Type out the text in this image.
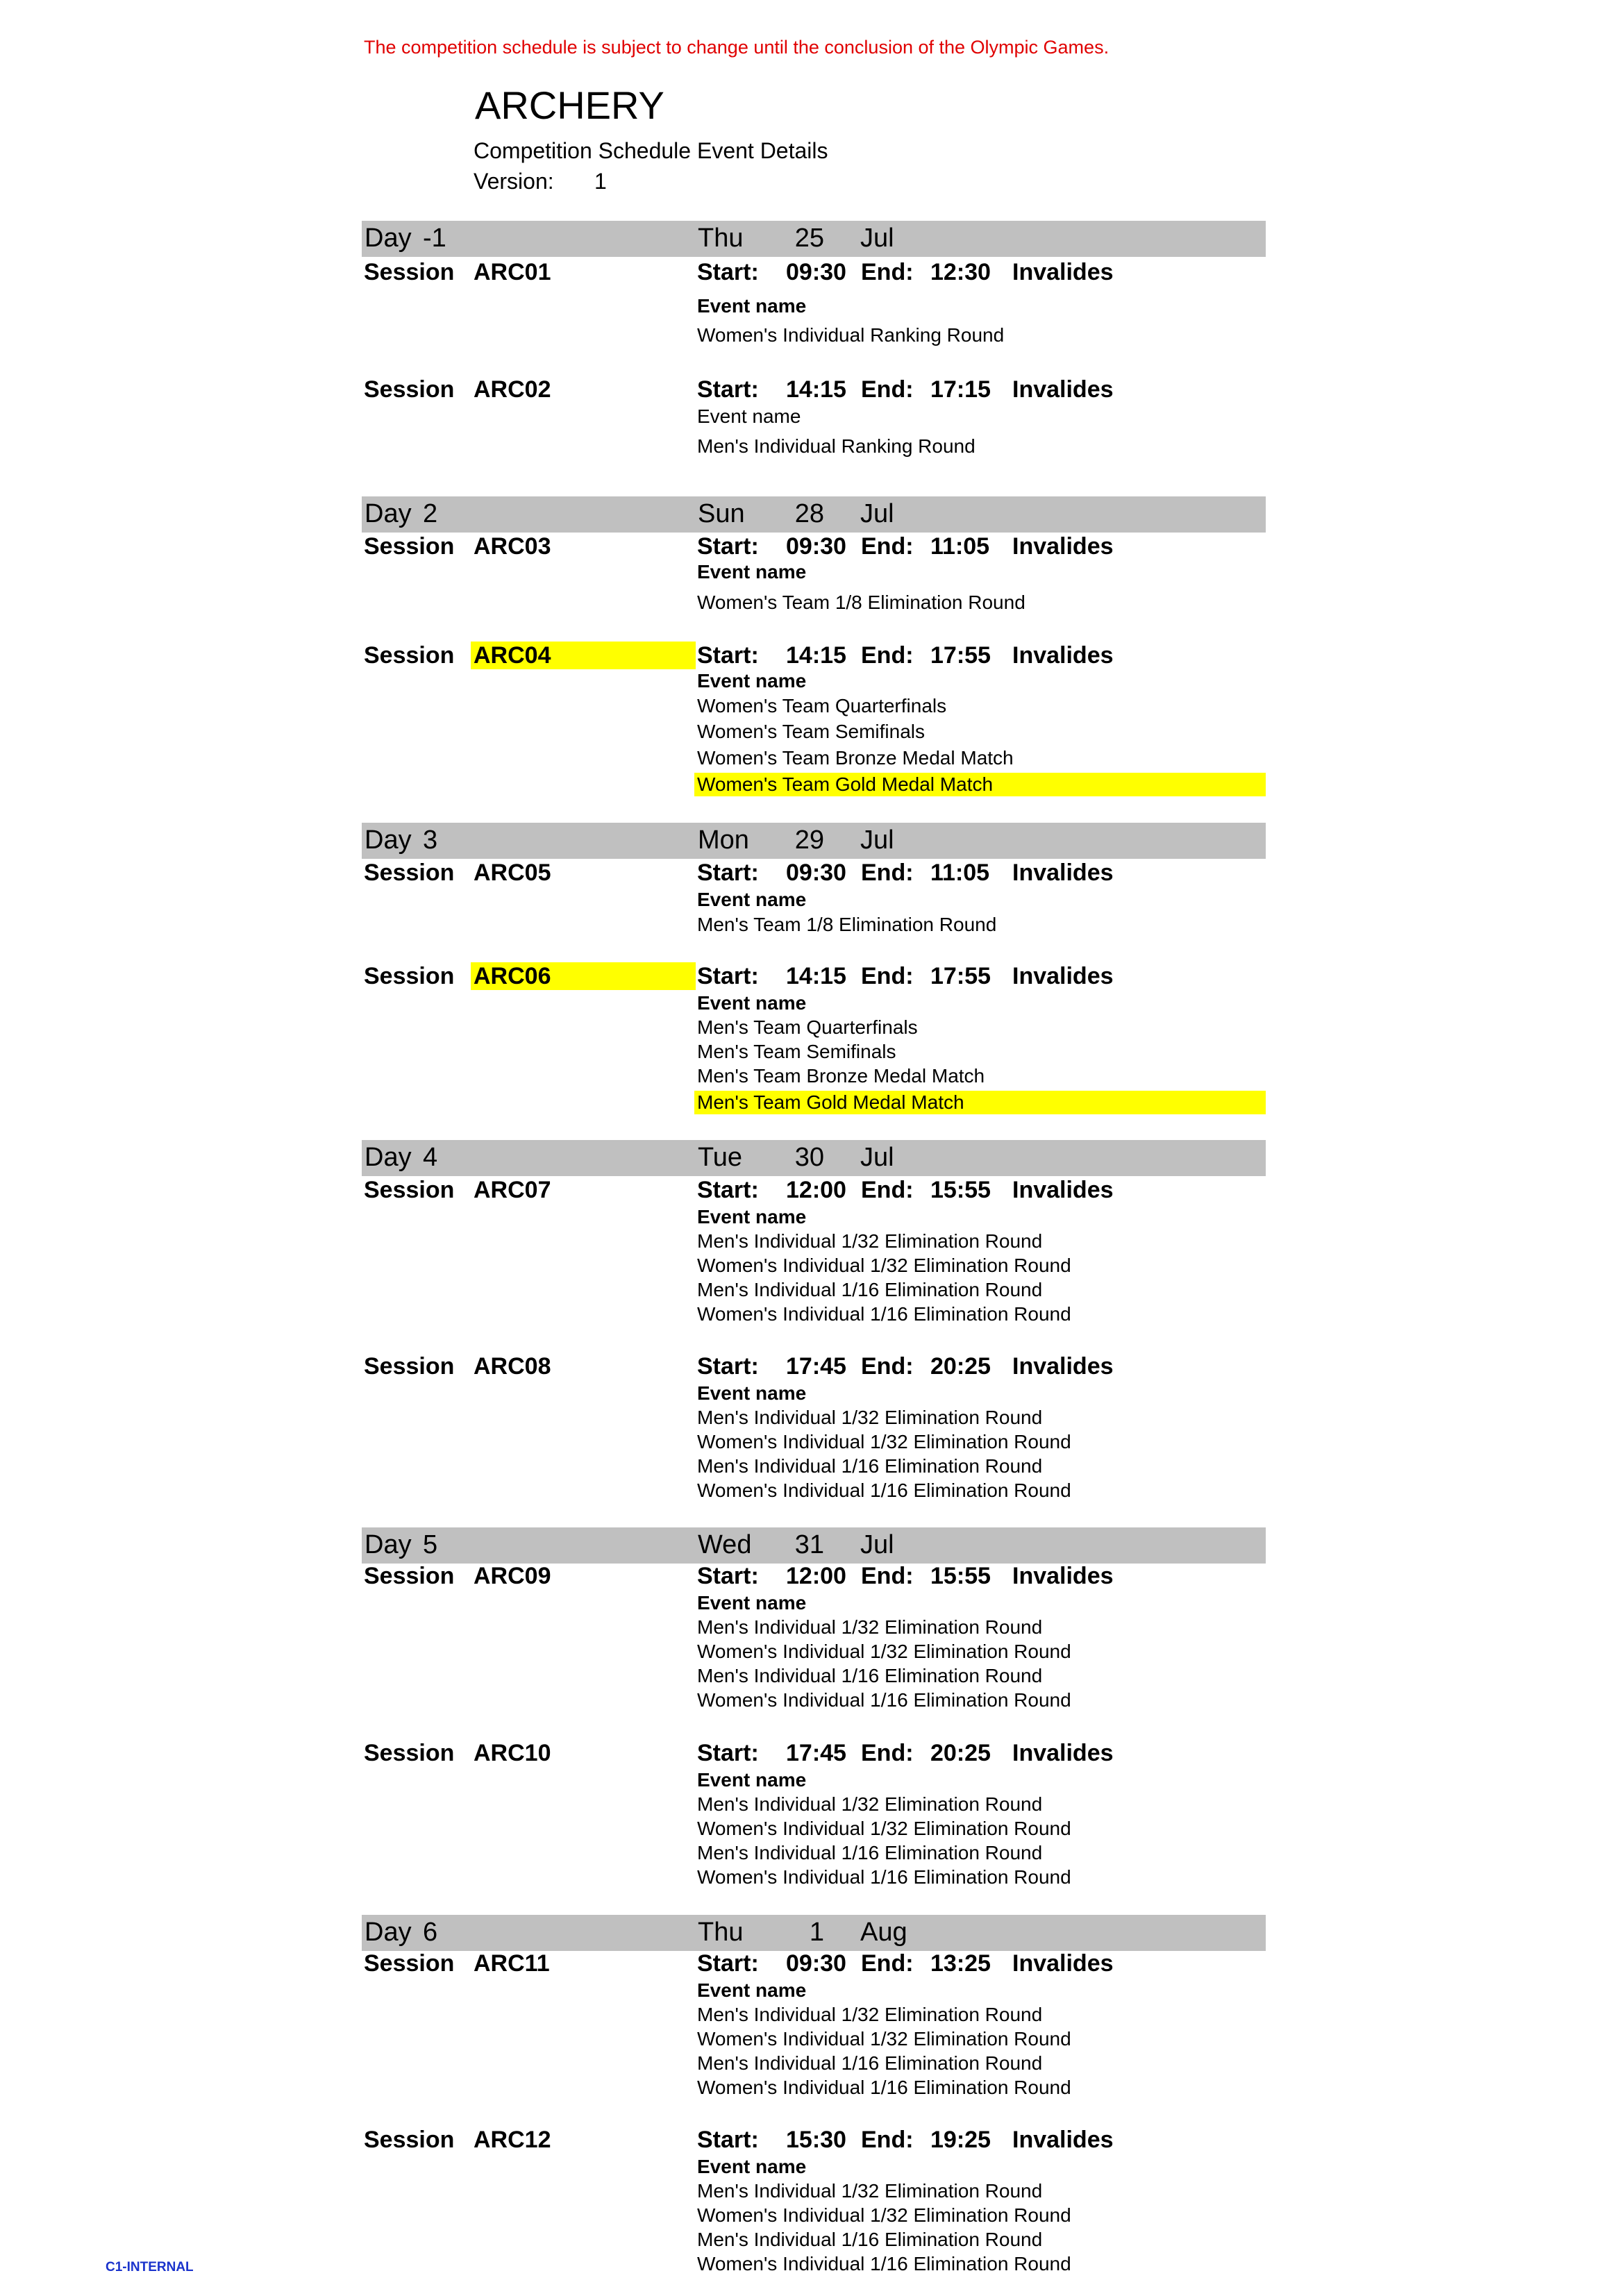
The competition schedule is subject to change until the conclusion of the Olympic Games.
ARCHERY
Competition Schedule Event Details
Version: 1
Day -1	Thu	25 Jul
Session ARC01	Start: 09:30 End: 12:30 Invalides
Event name
Women's Individual Ranking Round
Session ARC02	Start: 14:15 End: 17:15 Invalides
Event name
Men's Individual Ranking Round
Day 2	Sun	28 Jul
Session ARC03	Start: 09:30 End: 11:05 Invalides
Event name
Women's Team 1/8 Elimination Round
Session ARC04	Start: 14:15 End: 17:55 Invalides
Event name
Women's Team Quarterfinals
Women's Team Semifinals
Women's Team Bronze Medal Match
Women's Team Gold Medal Match
Day 3	Mon	29 Jul
Session ARC05	Start: 09:30 End: 11:05 Invalides
Event name
Men's Team 1/8 Elimination Round
Session ARC06	Start: 14:15 End: 17:55 Invalides
Event name
Men's Team Quarterfinals
Men's Team Semifinals
Men's Team Bronze Medal Match
Men's Team Gold Medal Match
Day 4	Tue	30 Jul
Session ARC07	Start: 12:00 End: 15:55 Invalides
Event name
Men's Individual 1/32 Elimination Round
Women's Individual 1/32 Elimination Round
Men's Individual 1/16 Elimination Round
Women's Individual 1/16 Elimination Round
Session ARC08	Start: 17:45 End: 20:25 Invalides
Event name
Men's Individual 1/32 Elimination Round
Women's Individual 1/32 Elimination Round
Men's Individual 1/16 Elimination Round
Women's Individual 1/16 Elimination Round
Day 5	Wed	31 Jul
Session ARC09	Start: 12:00 End: 15:55 Invalides
Event name
Men's Individual 1/32 Elimination Round
Women's Individual 1/32 Elimination Round
Men's Individual 1/16 Elimination Round
Women's Individual 1/16 Elimination Round
Session ARC10	Start: 17:45 End: 20:25 Invalides
Event name
Men's Individual 1/32 Elimination Round
Women's Individual 1/32 Elimination Round
Men's Individual 1/16 Elimination Round
Women's Individual 1/16 Elimination Round
Day 6	Thu	1 Aug
Session ARC11	Start: 09:30 End: 13:25 Invalides
Event name
Men's Individual 1/32 Elimination Round
Women's Individual 1/32 Elimination Round
Men's Individual 1/16 Elimination Round
Women's Individual 1/16 Elimination Round
Session ARC12	Start: 15:30 End: 19:25 Invalides
Event name
Men's Individual 1/32 Elimination Round
Women's Individual 1/32 Elimination Round
Men's Individual 1/16 Elimination Round
Women's Individual 1/16 Elimination Round
C1-INTERNAL
